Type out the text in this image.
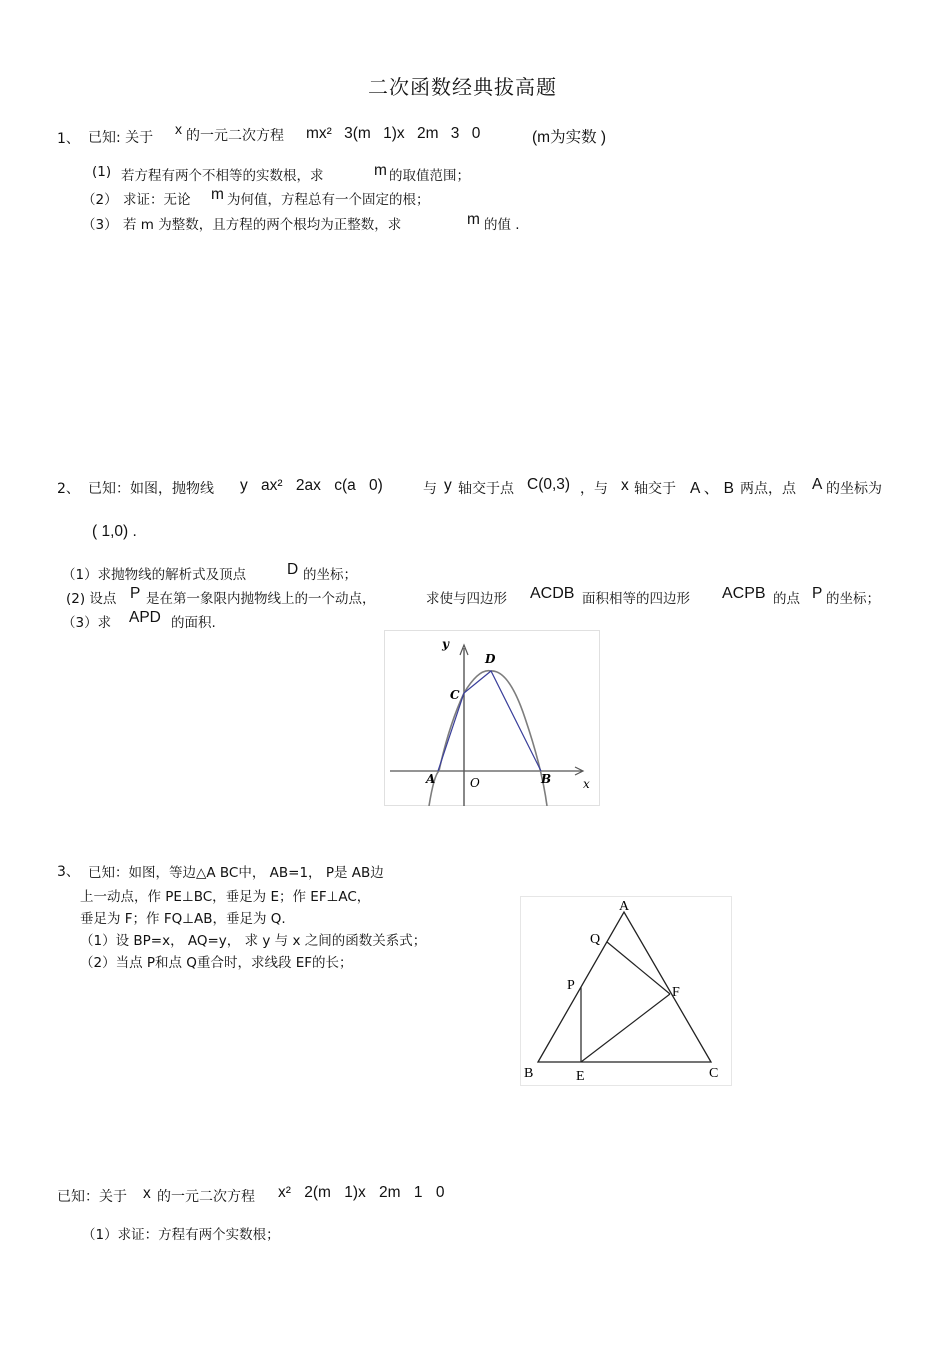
二次函数经典拔高题
1、 已知: 关于
x 的一元二次方程 mx² 3(m 1)x 2m 3 0	(m为实数 )
(1) 若方程有两个不相等的实数根，求	m 的取值范围；
（2） 求证：无论 m 为何值，方程总有一个固定的根；
（3） 若 m 为整数，且方程的两个根均为正整数，求	m 的值 .
2、 已知：如图，抛物线 y ax² 2ax c(a 0)	与 y 轴交于点 C(0,3) ，与 x 轴交于 A 、 B 两点，点 A 的坐标为
( 1,0) .
（1）求抛物线的解析式及顶点	D 的坐标；
(2) 设点 P 是在第一象限内抛物线上的一个动点，	求使与四边形 ACDB 面积相等的四边形 ACPB 的点 P 的坐标；
（3）求 APD 的面积.
y
D
C
A	O	B	x
3、 已知：如图，等边△A BC中， AB=1， P是 AB边
上一动点，作 PE⊥BC，垂足为 E；作 EF⊥AC，
垂足为 F；作 FQ⊥AB，垂足为 Q.
（1）设 BP=x， AQ=y， 求 y 与 x 之间的函数关系式；
（2）当点 P和点 Q重合时，求线段 EF的长；
A
Q
P	F
B	E	C
已知：关于 x 的一元二次方程 x² 2(m 1)x 2m 1 0
（1）求证：方程有两个实数根；
